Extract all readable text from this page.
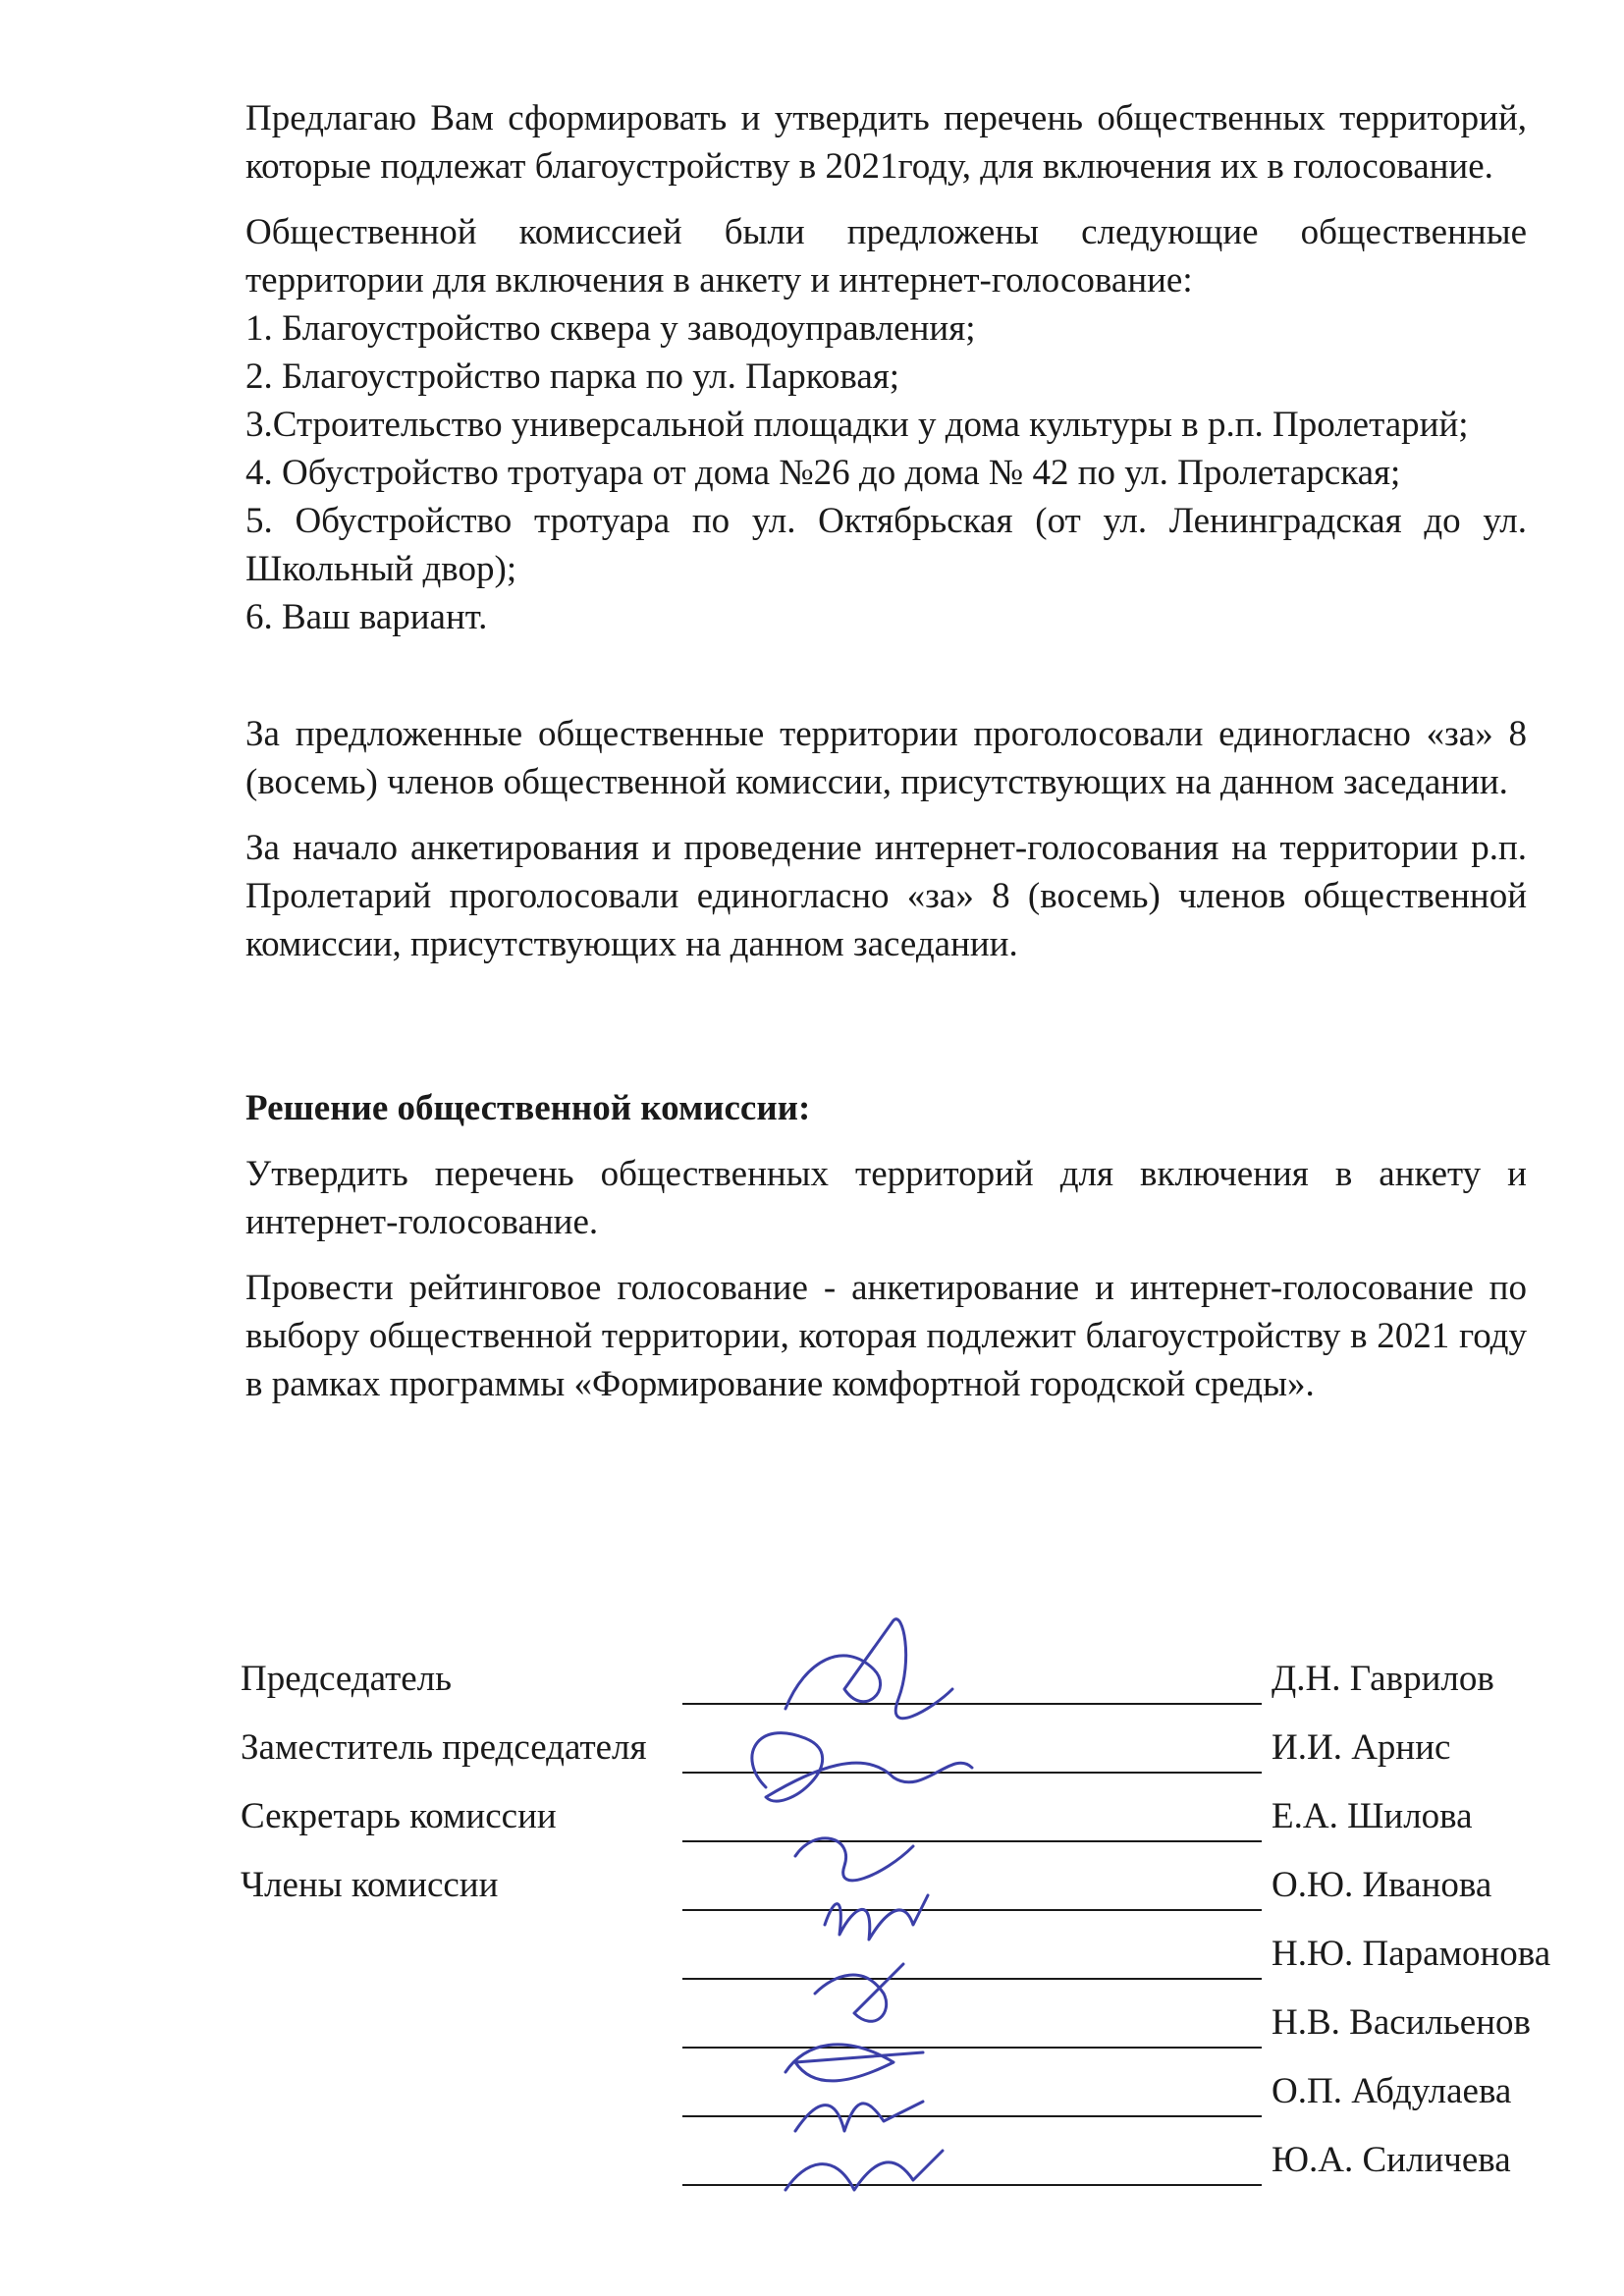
Предлагаю Вам сформировать и утвердить перечень общественных территорий, которые подлежат благоустройству в 2021году, для включения их в голосование.

Общественной комиссией были предложены следующие общественные территории для включения в анкету и интернет-голосование:

1. Благоустройство сквера у заводоуправления;

2. Благоустройство парка по ул. Парковая;

3.Строительство универсальной площадки у дома культуры в р.п. Пролетарий;

4. Обустройство тротуара от дома №26 до дома № 42 по ул. Пролетарская;

5. Обустройство тротуара по ул. Октябрьская (от ул. Ленинградская до ул. Школьный двор);

6. Ваш вариант.

За предложенные общественные территории проголосовали единогласно «за» 8 (восемь) членов общественной комиссии, присутствующих на данном заседании.

За начало анкетирования и проведение интернет-голосования на территории р.п. Пролетарий проголосовали единогласно «за» 8 (восемь) членов общественной комиссии, присутствующих на данном заседании.

Решение общественной комиссии:

Утвердить перечень общественных территорий для включения в анкету и интернет-голосование.

Провести рейтинговое голосование - анкетирование и интернет-голосование по выбору общественной территории, которая подлежит благоустройству в 2021 году в рамках программы «Формирование комфортной городской среды».

Председатель	Д.Н. Гаврилов
Заместитель председателя	И.И. Арнис
Секретарь комиссии	Е.А. Шилова
Члены комиссии	О.Ю. Иванова
Н.Ю. Парамонова
Н.В. Васильенов
О.П. Абдулаева
Ю.А. Силичева
